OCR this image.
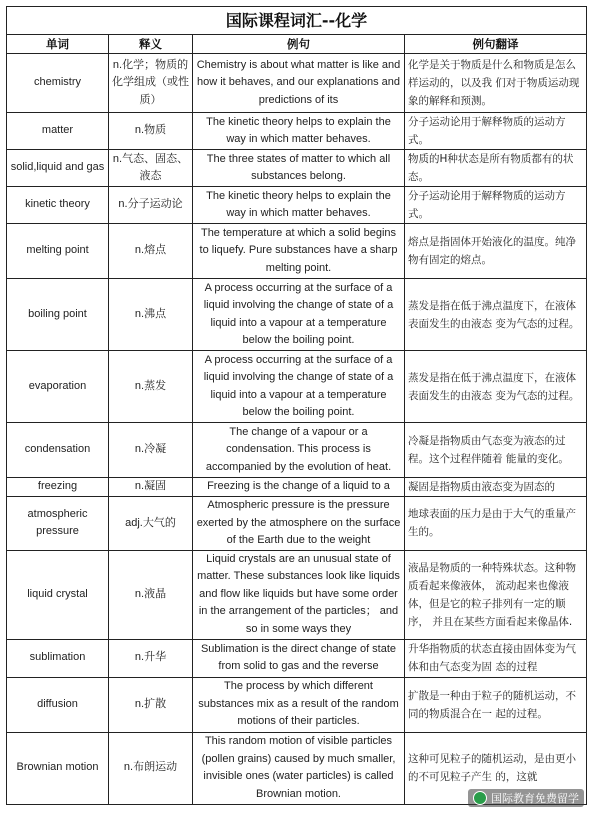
国际课程词汇--化学			
单词	释义	例句	例句翻译
chemistry	n.化学；物质的化学组成（或性质）	Chemistry is about what matter is like and how it behaves, and our explanations and predictions of its	化学是关于物质是什么和物质是怎么样运动的，以及我 们对于物质运动现象的解释和预测。
matter	n.物质	The kinetic theory helps to explain the way in which matter behaves.	分子运动论用于解释物质的运动方式。
solid,liquid and gas	n.气态、固态、液态	The three states of matter to which all substances belong.	物质的H种状态是所有物质都有的状态。
kinetic theory	n.分子运动论	The kinetic theory helps to explain the way in which matter behaves.	分子运动论用于解释物质的运动方式。
melting point	n.熔点	The temperature at which a solid begins to liquefy. Pure substances have a sharp melting point.	熔点是指固体开始液化的温度。纯净物有固定的熔点。
boiling point	n.沸点	A process occurring at the surface of a liquid involving the change of state of a liquid into a vapour at a temperature below the boiling point.	蒸发是指在低于沸点温度下，在液体表面发生的由液态 变为气态的过程。
evaporation	n.蒸发	A process occurring at the surface of a liquid involving the change of state of a liquid into a vapour at a temperature below the boiling point.	蒸发是指在低于沸点温度下，在液体表面发生的由液态 变为气态的过程。
condensation	n.冷凝	The change of a vapour or a condensation. This process is accompanied by the evolution of heat.	冷凝是指物质由气态变为液态的过程。这个过程伴随着 能量的变化。
freezing	n.凝固	Freezing is the change of a liquid to a	凝固是指物质由液态变为固态的
atmospheric pressure	adj.大气的	Atmospheric pressure is the pressure exerted by the atmosphere on the surface of the Earth due to the weight	地球表面的压力是由于大气的重量产生的。
liquid crystal	n.液晶	Liquid crystals are an unusual state of matter. These substances look like liquids and flow like liquids but have some order in the arrangement of the particles； and so in some ways they	液晶是物质的一种特殊状态。这种物质看起来像液体， 流动起来也像液体，但是它的粒子排列有一定的顺序， 并且在某些方面看起来像晶体.
sublimation	n.升华	Sublimation is the direct change of state from solid to gas and the reverse	升华指物质的状态直接由固体变为气体和由气态变为固 态的过程
diffusion	n.扩散	The process by which different substances mix as a result of the random motions of their particles.	扩散是一种由于粒子的随机运动，不同的物质混合在一 起的过程。
Brownian motion	n.布朗运动	This random motion of visible particles (pollen grains) caused by much smaller, invisible ones (water particles) is called Brownian motion.	这种可见粒子的随机运动，是由更小的不可见粒子产生 的，这就
国际教育免费留学
